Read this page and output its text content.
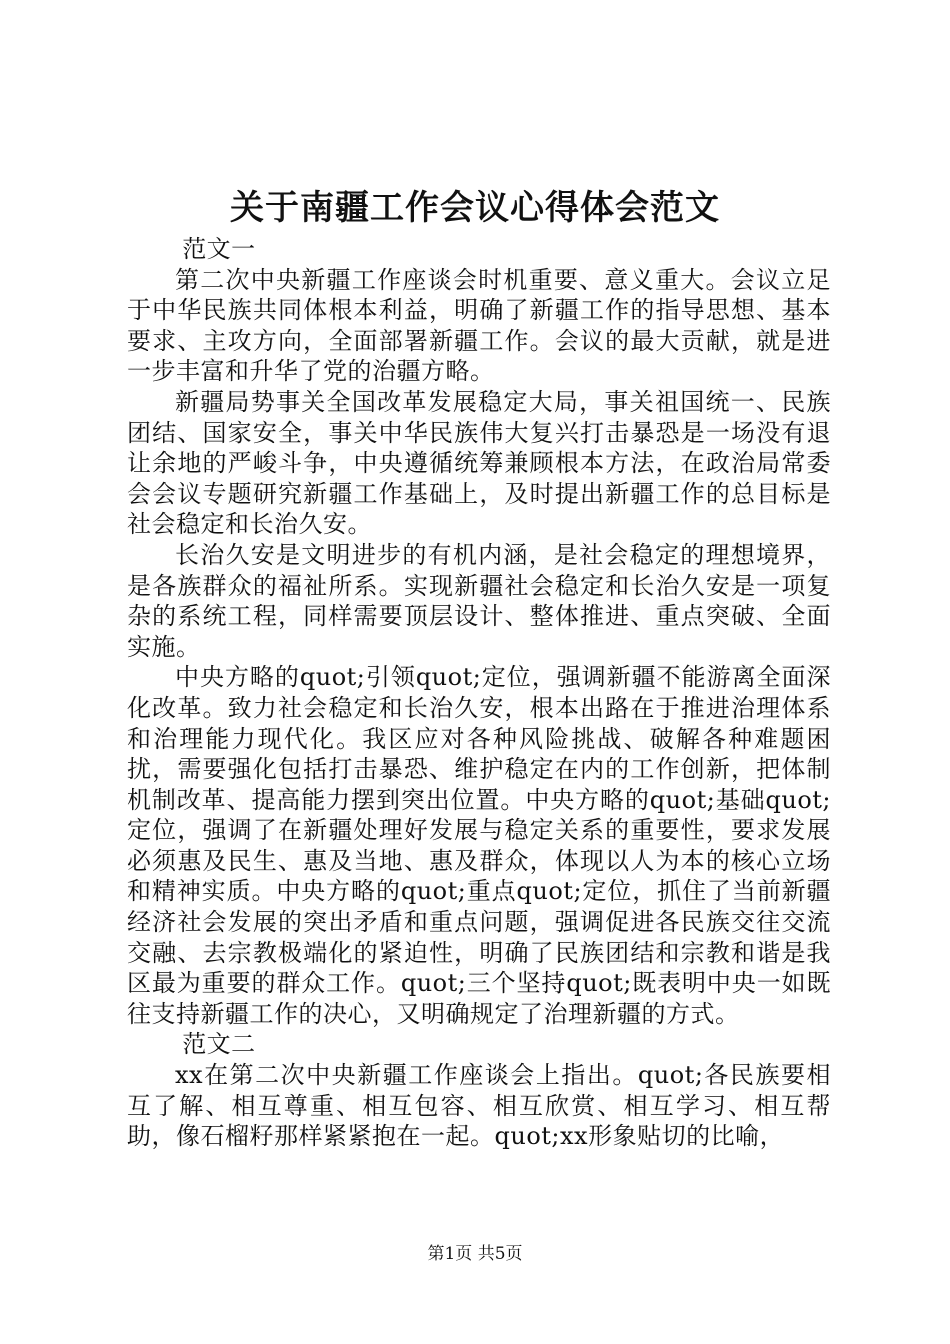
关于南疆工作会议心得体会范文

范文一

第二次中央新疆工作座谈会时机重要、意义重大。会议立足于中华民族共同体根本利益，明确了新疆工作的指导思想、基本要求、主攻方向，全面部署新疆工作。会议的最大贡献，就是进一步丰富和升华了党的治疆方略。

新疆局势事关全国改革发展稳定大局，事关祖国统一、民族团结、国家安全，事关中华民族伟大复兴打击暴恐是一场没有退让余地的严峻斗争，中央遵循统筹兼顾根本方法，在政治局常委会会议专题研究新疆工作基础上，及时提出新疆工作的总目标是社会稳定和长治久安。

长治久安是文明进步的有机内涵，是社会稳定的理想境界，是各族群众的福祉所系。实现新疆社会稳定和长治久安是一项复杂的系统工程，同样需要顶层设计、整体推进、重点突破、全面实施。

中央方略的quot;引领quot;定位，强调新疆不能游离全面深化改革。致力社会稳定和长治久安，根本出路在于推进治理体系和治理能力现代化。我区应对各种风险挑战、破解各种难题困扰，需要强化包括打击暴恐、维护稳定在内的工作创新，把体制机制改革、提高能力摆到突出位置。中央方略的quot;基础quot;定位，强调了在新疆处理好发展与稳定关系的重要性，要求发展必须惠及民生、惠及当地、惠及群众，体现以人为本的核心立场和精神实质。中央方略的quot;重点quot;定位，抓住了当前新疆经济社会发展的突出矛盾和重点问题，强调促进各民族交往交流交融、去宗教极端化的紧迫性，明确了民族团结和宗教和谐是我区最为重要的群众工作。quot;三个坚持quot;既表明中央一如既往支持新疆工作的决心，又明确规定了治理新疆的方式。

范文二

xx在第二次中央新疆工作座谈会上指出。quot;各民族要相互了解、相互尊重、相互包容、相互欣赏、相互学习、相互帮助，像石榴籽那样紧紧抱在一起。quot;xx形象贴切的比喻，

第1页 共5页
